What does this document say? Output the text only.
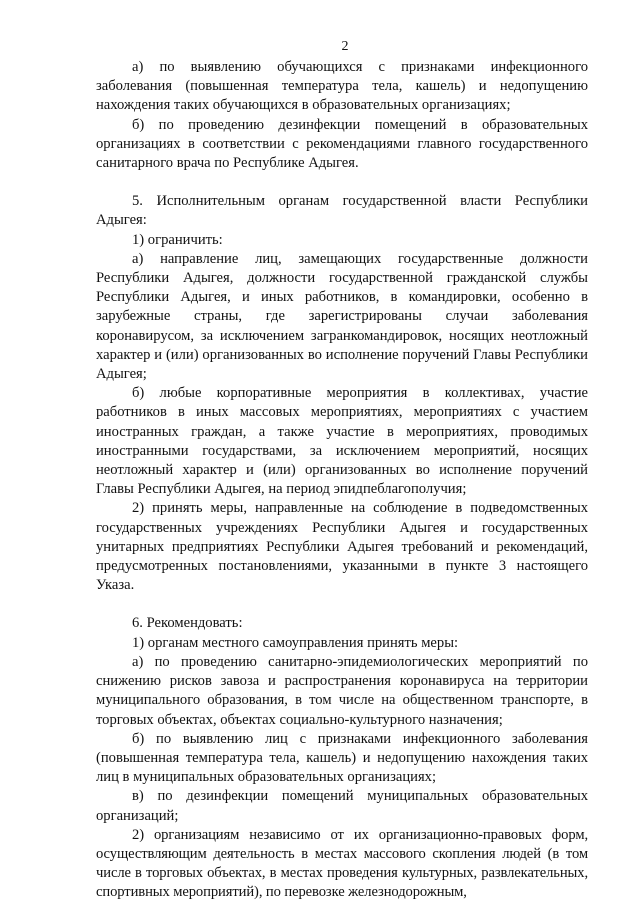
2

а) по выявлению обучающихся с признаками инфекционного заболевания (повышенная температура тела, кашель) и недопущению нахождения таких обучающихся в образовательных организациях;

б) по проведению дезинфекции помещений в образовательных организациях в соответствии с рекомендациями главного государственного санитарного врача по Республике Адыгея.

5. Исполнительным органам государственной власти Республики Адыгея:

1) ограничить:

а) направление лиц, замещающих государственные должности Республики Адыгея, должности государственной гражданской службы Республики Адыгея, и иных работников, в командировки, особенно в зарубежные страны, где зарегистрированы случаи заболевания коронавирусом, за исключением загранкомандировок, носящих неотложный характер и (или) организованных во исполнение поручений Главы Республики Адыгея;

б) любые корпоративные мероприятия в коллективах, участие работников в иных массовых мероприятиях, мероприятиях с участием иностранных граждан, а также участие в мероприятиях, проводимых иностранными государствами, за исключением мероприятий, носящих неотложный характер и (или) организованных во исполнение поручений Главы Республики Адыгея, на период эпидпеблагополучия;

2) принять меры, направленные на соблюдение в подведомственных государственных учреждениях Республики Адыгея и государственных унитарных предприятиях Республики Адыгея требований и рекомендаций, предусмотренных постановлениями, указанными в пункте 3 настоящего Указа.

6. Рекомендовать:

1) органам местного самоуправления принять меры:

а) по проведению санитарно-эпидемиологических мероприятий по снижению рисков завоза и распространения коронавируса на территории муниципального образования, в том числе на общественном транспорте, в торговых объектах, объектах социально-культурного назначения;

б) по выявлению лиц с признаками инфекционного заболевания (повышенная температура тела, кашель) и недопущению нахождения таких лиц в муниципальных образовательных организациях;

в) по дезинфекции помещений муниципальных образовательных организаций;

2) организациям независимо от их организационно-правовых форм, осуществляющим деятельность в местах массового скопления людей (в том числе в торговых объектах, в местах проведения культурных, развлекательных, спортивных мероприятий), по перевозке железнодорожным,
